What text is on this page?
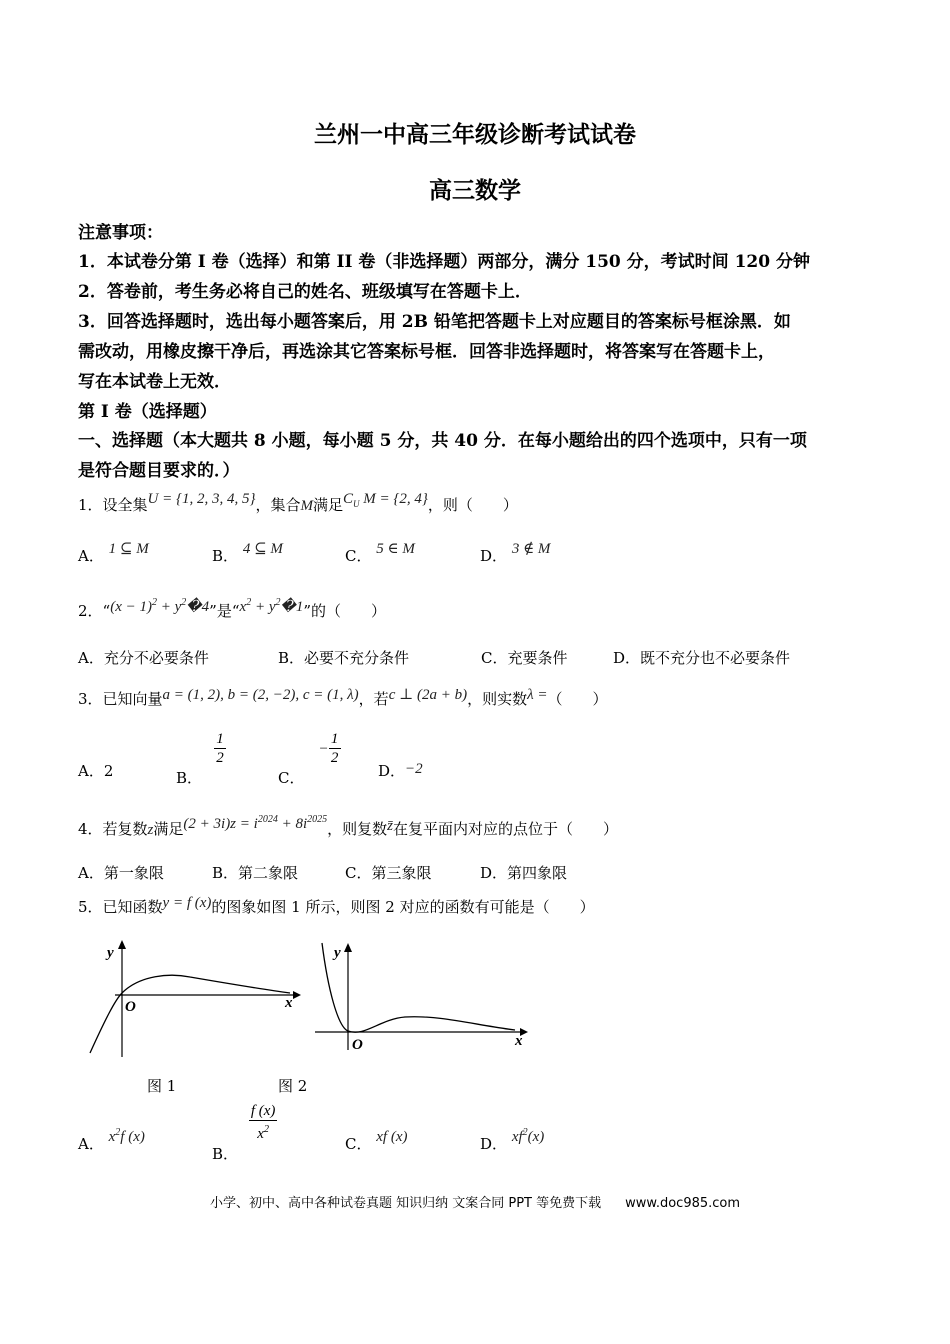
兰州一中高三年级诊断考试试卷
高三数学
注意事项：
1．本试卷分第 I 卷（选择）和第 II 卷（非选择题）两部分，满分 150 分，考试时间 120 分钟
2．答卷前，考生务必将自己的姓名、班级填写在答题卡上．
3．回答选择题时，选出每小题答案后，用 2B 铅笔把答题卡上对应题目的答案标号框涂黑．如
需改动，用橡皮擦干净后，再选涂其它答案标号框．回答非选择题时，将答案写在答题卡上，
写在本试卷上无效．
第 I 卷（选择题）
一、选择题（本大题共 8 小题，每小题 5 分，共 40 分．在每小题给出的四个选项中，只有一项
是符合题目要求的．）
1．设全集U = {1, 2, 3, 4, 5}，集合M满足$C_U$ M = {2, 4}，则（　　）
A． 1 ⊆ M	B． 4 ⊆ M	C． 5 ∈ M	D． 3 ∉ M
2．“$(x - 1)^2$ + $y^2�4$”是“$x^2$ + $y^2�1$”的（　　）
A．充分不必要条件	B．必要不充分条件	C．充要条件	D．既不充分也不必要条件
3．已知向量a = (1, 2), b = (2, −2), c = (1, λ)，若c ⊥ (2a + b)，则实数λ =（　　）
A．2	B．
$\frac{1}{2}$
C．− $\frac{1}{2}$
D．−2
4．若复数z满足$(2 + 3i)z = i^{2024} + 8i^{2025}$，则复数z̄在复平面内对应的点位于（　　）
A．第一象限	B．第二象限	C．第三象限	D．第四象限
5．已知函数y = f (x)的图象如图 1 所示，则图 2 对应的函数有可能是（　　）
y
O	x
y
O	x
图 1	图 2
A． $x^2f$ (x)
B．
$\frac{f (x)}{x^2}$
C． xf (x)	D． $xf^2(x)$
小学、初中、高中各种试卷真题 知识归纳 文案合同 PPT 等免费下载 www.doc985.com
